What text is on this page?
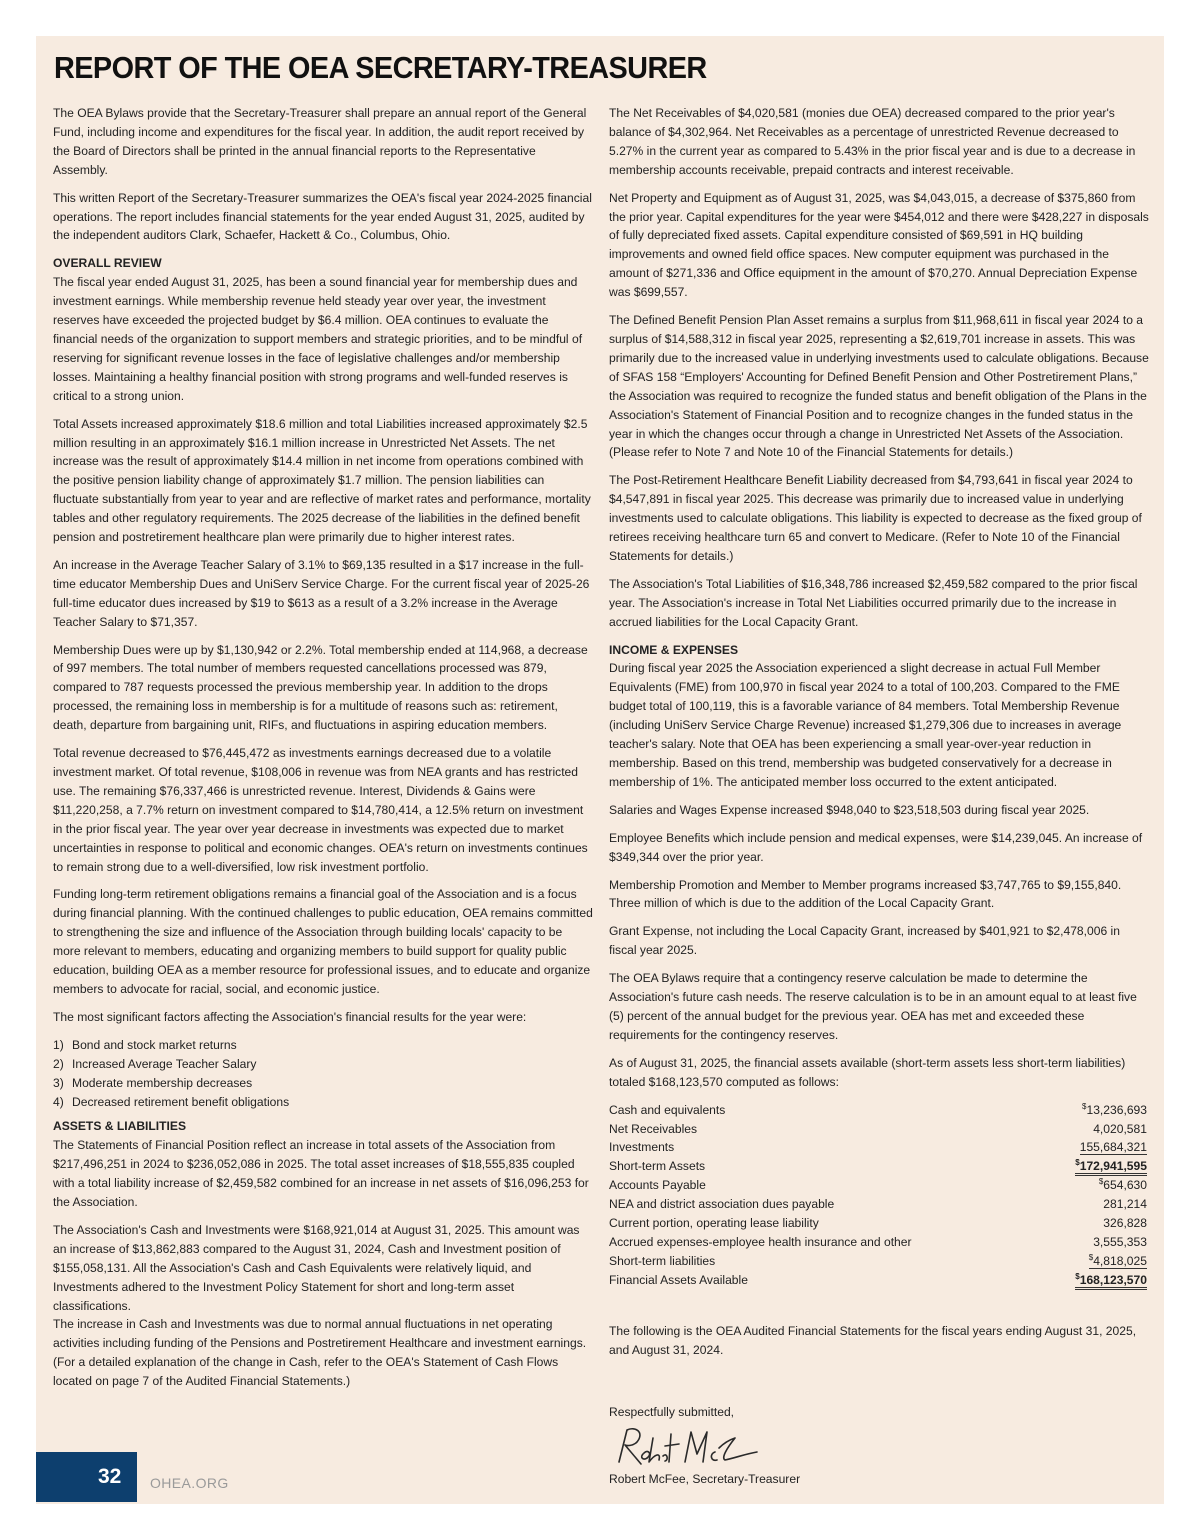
REPORT OF THE OEA SECRETARY-TREASURER

The OEA Bylaws provide that the Secretary-Treasurer shall prepare an annual report of the General Fund, including income and expenditures for the fiscal year. In addition, the audit report received by the Board of Directors shall be printed in the annual financial reports to the Representative Assembly.

This written Report of the Secretary-Treasurer summarizes the OEA's fiscal year 2024-2025 financial operations. The report includes financial statements for the year ended August 31, 2025, audited by the independent auditors Clark, Schaefer, Hackett & Co., Columbus, Ohio.

OVERALL REVIEW

The fiscal year ended August 31, 2025, has been a sound financial year for membership dues and investment earnings. While membership revenue held steady year over year, the investment reserves have exceeded the projected budget by $6.4 million. OEA continues to evaluate the financial needs of the organization to support members and strategic priorities, and to be mindful of reserving for significant revenue losses in the face of legislative challenges and/or membership losses. Maintaining a healthy financial position with strong programs and well-funded reserves is critical to a strong union.

Total Assets increased approximately $18.6 million and total Liabilities increased approximately $2.5 million resulting in an approximately $16.1 million increase in Unrestricted Net Assets. The net increase was the result of approximately $14.4 million in net income from operations combined with the positive pension liability change of approximately $1.7 million. The pension liabilities can fluctuate substantially from year to year and are reflective of market rates and performance, mortality tables and other regulatory requirements. The 2025 decrease of the liabilities in the defined benefit pension and postretirement healthcare plan were primarily due to higher interest rates.

An increase in the Average Teacher Salary of 3.1% to $69,135 resulted in a $17 increase in the full-time educator Membership Dues and UniServ Service Charge. For the current fiscal year of 2025-26 full-time educator dues increased by $19 to $613 as a result of a 3.2% increase in the Average Teacher Salary to $71,357.

Membership Dues were up by $1,130,942 or 2.2%. Total membership ended at 114,968, a decrease of 997 members. The total number of members requested cancellations processed was 879, compared to 787 requests processed the previous membership year. In addition to the drops processed, the remaining loss in membership is for a multitude of reasons such as: retirement, death, departure from bargaining unit, RIFs, and fluctuations in aspiring education members.

Total revenue decreased to $76,445,472 as investments earnings decreased due to a volatile investment market. Of total revenue, $108,006 in revenue was from NEA grants and has restricted use. The remaining $76,337,466 is unrestricted revenue. Interest, Dividends & Gains were $11,220,258, a 7.7% return on investment compared to $14,780,414, a 12.5% return on investment in the prior fiscal year. The year over year decrease in investments was expected due to market uncertainties in response to political and economic changes. OEA's return on investments continues to remain strong due to a well-diversified, low risk investment portfolio.

Funding long-term retirement obligations remains a financial goal of the Association and is a focus during financial planning. With the continued challenges to public education, OEA remains committed to strengthening the size and influence of the Association through building locals' capacity to be more relevant to members, educating and organizing members to build support for quality public education, building OEA as a member resource for professional issues, and to educate and organize members to advocate for racial, social, and economic justice.

The most significant factors affecting the Association's financial results for the year were:

1) Bond and stock market returns
2) Increased Average Teacher Salary
3) Moderate membership decreases
4) Decreased retirement benefit obligations
ASSETS & LIABILITIES

The Statements of Financial Position reflect an increase in total assets of the Association from $217,496,251 in 2024 to $236,052,086 in 2025. The total asset increases of $18,555,835 coupled with a total liability increase of $2,459,582 combined for an increase in net assets of $16,096,253 for the Association.

The Association's Cash and Investments were $168,921,014 at August 31, 2025. This amount was an increase of $13,862,883 compared to the August 31, 2024, Cash and Investment position of $155,058,131. All the Association's Cash and Cash Equivalents were relatively liquid, and Investments adhered to the Investment Policy Statement for short and long-term asset classifications.

The increase in Cash and Investments was due to normal annual fluctuations in net operating activities including funding of the Pensions and Postretirement Healthcare and investment earnings. (For a detailed explanation of the change in Cash, refer to the OEA's Statement of Cash Flows located on page 7 of the Audited Financial Statements.)

The Net Receivables of $4,020,581 (monies due OEA) decreased compared to the prior year's balance of $4,302,964. Net Receivables as a percentage of unrestricted Revenue decreased to 5.27% in the current year as compared to 5.43% in the prior fiscal year and is due to a decrease in membership accounts receivable, prepaid contracts and interest receivable.

Net Property and Equipment as of August 31, 2025, was $4,043,015, a decrease of $375,860 from the prior year. Capital expenditures for the year were $454,012 and there were $428,227 in disposals of fully depreciated fixed assets. Capital expenditure consisted of $69,591 in HQ building improvements and owned field office spaces. New computer equipment was purchased in the amount of $271,336 and Office equipment in the amount of $70,270. Annual Depreciation Expense was $699,557.

The Defined Benefit Pension Plan Asset remains a surplus from $11,968,611 in fiscal year 2024 to a surplus of $14,588,312 in fiscal year 2025, representing a $2,619,701 increase in assets. This was primarily due to the increased value in underlying investments used to calculate obligations. Because of SFAS 158 “Employers' Accounting for Defined Benefit Pension and Other Postretirement Plans,” the Association was required to recognize the funded status and benefit obligation of the Plans in the Association's Statement of Financial Position and to recognize changes in the funded status in the year in which the changes occur through a change in Unrestricted Net Assets of the Association. (Please refer to Note 7 and Note 10 of the Financial Statements for details.)

The Post-Retirement Healthcare Benefit Liability decreased from $4,793,641 in fiscal year 2024 to $4,547,891 in fiscal year 2025. This decrease was primarily due to increased value in underlying investments used to calculate obligations. This liability is expected to decrease as the fixed group of retirees receiving healthcare turn 65 and convert to Medicare. (Refer to Note 10 of the Financial Statements for details.)

The Association's Total Liabilities of $16,348,786 increased $2,459,582 compared to the prior fiscal year. The Association's increase in Total Net Liabilities occurred primarily due to the increase in accrued liabilities for the Local Capacity Grant.

INCOME & EXPENSES

During fiscal year 2025 the Association experienced a slight decrease in actual Full Member Equivalents (FME) from 100,970 in fiscal year 2024 to a total of 100,203. Compared to the FME budget total of 100,119, this is a favorable variance of 84 members. Total Membership Revenue (including UniServ Service Charge Revenue) increased $1,279,306 due to increases in average teacher's salary. Note that OEA has been experiencing a small year-over-year reduction in membership. Based on this trend, membership was budgeted conservatively for a decrease in membership of 1%. The anticipated member loss occurred to the extent anticipated.

Salaries and Wages Expense increased $948,040 to $23,518,503 during fiscal year 2025.

Employee Benefits which include pension and medical expenses, were $14,239,045. An increase of $349,344 over the prior year.

Membership Promotion and Member to Member programs increased $3,747,765 to $9,155,840. Three million of which is due to the addition of the Local Capacity Grant.

Grant Expense, not including the Local Capacity Grant, increased by $401,921 to $2,478,006 in fiscal year 2025.

The OEA Bylaws require that a contingency reserve calculation be made to determine the Association's future cash needs. The reserve calculation is to be in an amount equal to at least five (5) percent of the annual budget for the previous year. OEA has met and exceeded these requirements for the contingency reserves.

As of August 31, 2025, the financial assets available (short-term assets less short-term liabilities) totaled $168,123,570 computed as follows:

Cash and equivalents	$13,236,693
Net Receivables	4,020,581
Investments	155,684,321
Short-term Assets	$172,941,595
Accounts Payable	$654,630
NEA and district association dues payable	281,214
Current portion, operating lease liability	326,828
Accrued expenses-employee health insurance and other	3,555,353
Short-term liabilities	$4,818,025
Financial Assets Available	$168,123,570

The following is the OEA Audited Financial Statements for the fiscal years ending August 31, 2025, and August 31, 2024.

Respectfully submitted,

Robert McFee, Secretary-Treasurer

32 OHEA.ORG
